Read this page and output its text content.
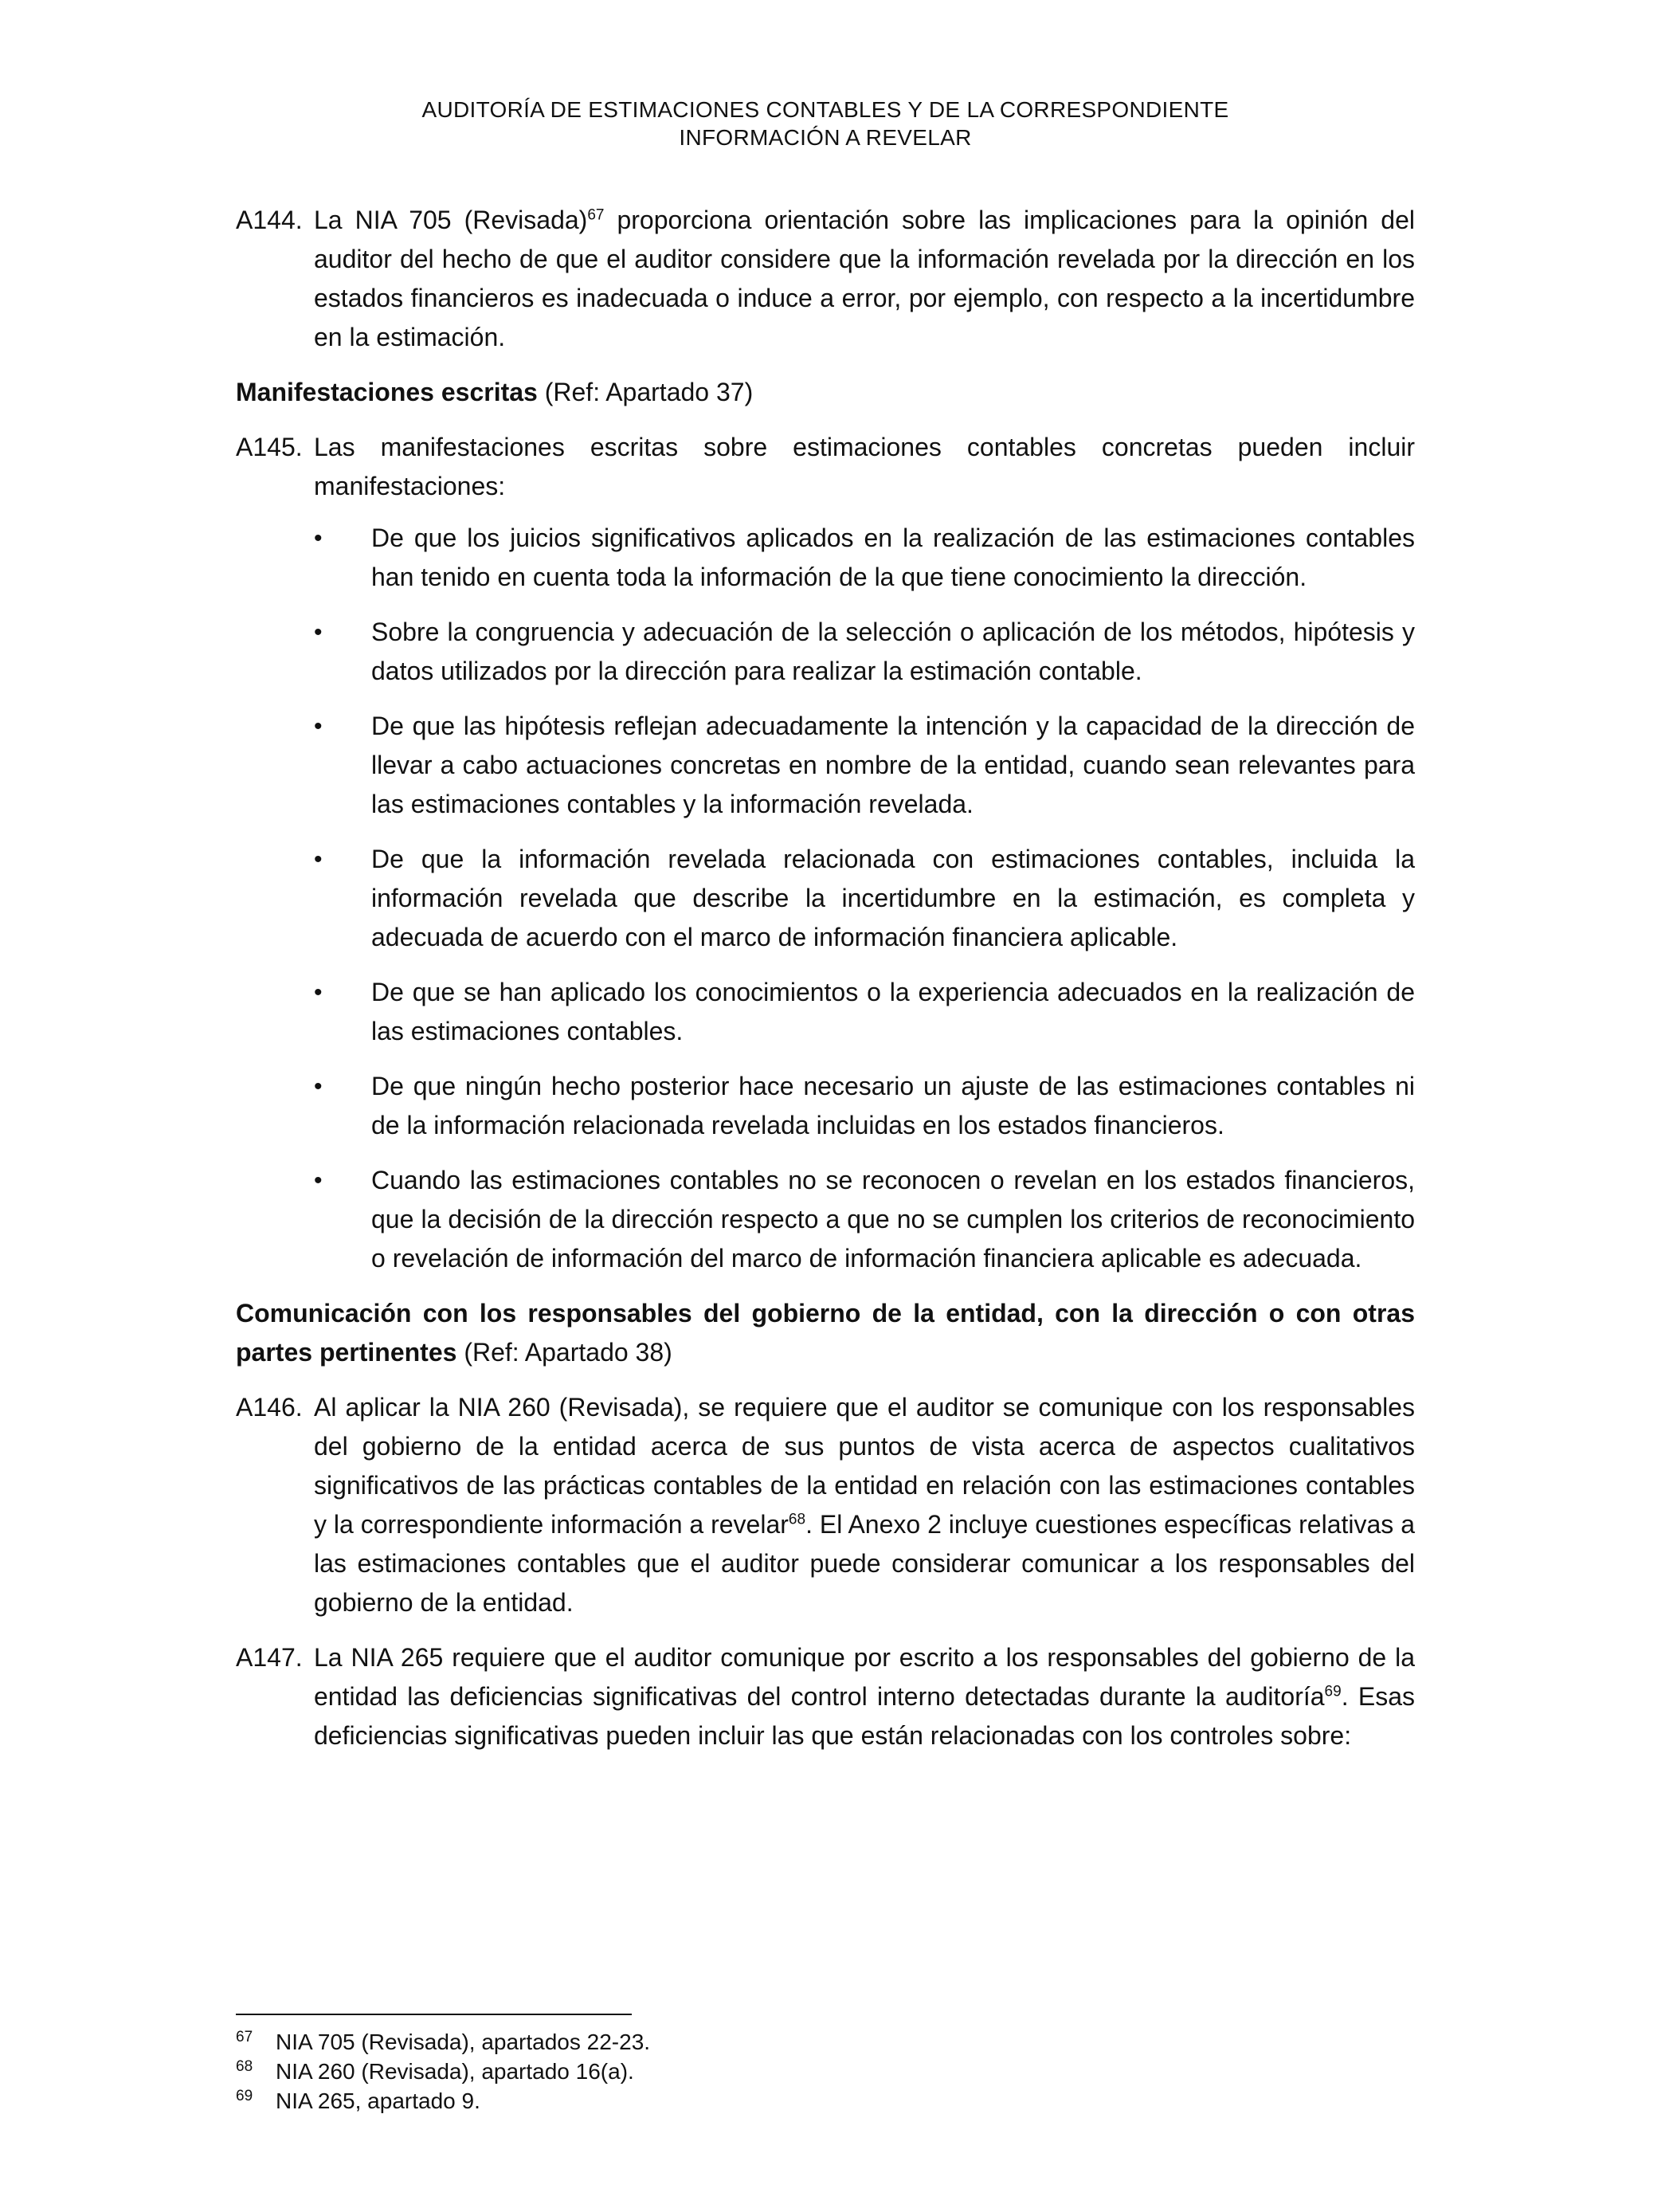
AUDITORÍA DE ESTIMACIONES CONTABLES Y DE LA CORRESPONDIENTE
INFORMACIÓN A REVELAR
A144. La NIA 705 (Revisada)$^{67}$ proporciona orientación sobre las implicaciones para la opinión del auditor del hecho de que el auditor considere que la información revelada por la dirección en los estados financieros es inadecuada o induce a error, por ejemplo, con respecto a la incertidumbre en la estimación.
Manifestaciones escritas (Ref: Apartado 37)
A145. Las manifestaciones escritas sobre estimaciones contables concretas pueden incluir manifestaciones:
•	De que los juicios significativos aplicados en la realización de las estimaciones contables han tenido en cuenta toda la información de la que tiene conocimiento la dirección.
•	Sobre la congruencia y adecuación de la selección o aplicación de los métodos, hipótesis y datos utilizados por la dirección para realizar la estimación contable.
•	De que las hipótesis reflejan adecuadamente la intención y la capacidad de la dirección de llevar a cabo actuaciones concretas en nombre de la entidad, cuando sean relevantes para las estimaciones contables y la información revelada.
•	De que la información revelada relacionada con estimaciones contables, incluida la información revelada que describe la incertidumbre en la estimación, es completa y adecuada de acuerdo con el marco de información financiera aplicable.
•	De que se han aplicado los conocimientos o la experiencia adecuados en la realización de las estimaciones contables.
•	De que ningún hecho posterior hace necesario un ajuste de las estimaciones contables ni de la información relacionada revelada incluidas en los estados financieros.
•	Cuando las estimaciones contables no se reconocen o revelan en los estados financieros, que la decisión de la dirección respecto a que no se cumplen los criterios de reconocimiento o revelación de información del marco de información financiera aplicable es adecuada.
Comunicación con los responsables del gobierno de la entidad, con la dirección o con otras partes pertinentes (Ref: Apartado 38)
A146. Al aplicar la NIA 260 (Revisada), se requiere que el auditor se comunique con los responsables del gobierno de la entidad acerca de sus puntos de vista acerca de aspectos cualitativos significativos de las prácticas contables de la entidad en relación con las estimaciones contables y la correspondiente información a revelar$^{68}$. El Anexo 2 incluye cuestiones específicas relativas a las estimaciones contables que el auditor puede considerar comunicar a los responsables del gobierno de la entidad.
A147. La NIA 265 requiere que el auditor comunique por escrito a los responsables del gobierno de la entidad las deficiencias significativas del control interno detectadas durante la auditoría$^{69}$. Esas deficiencias significativas pueden incluir las que están relacionadas con los controles sobre:
67	NIA 705 (Revisada), apartados 22-23.
68	NIA 260 (Revisada), apartado 16(a).
69	NIA 265, apartado 9.
